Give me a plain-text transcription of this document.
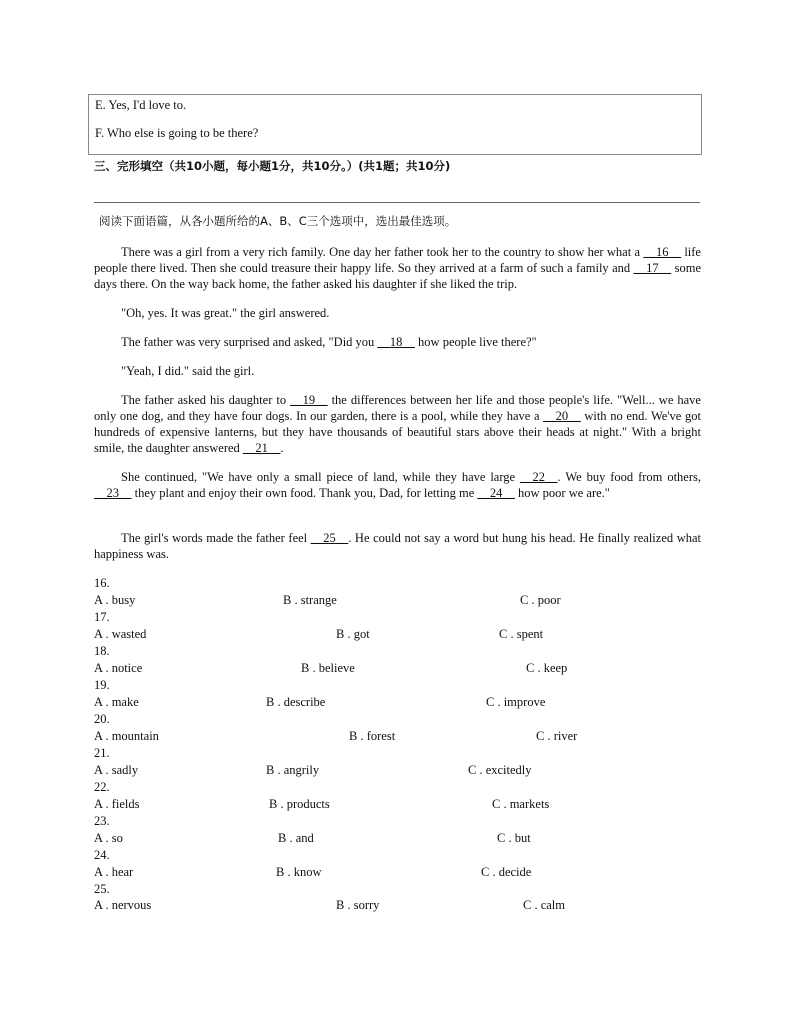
E. Yes, I'd love to.
F. Who else is going to be there?
三、完形填空（共10小题，每小题1分，共10分。）(共1题；共10分)
阅读下面语篇，从各小题所给的A、B、C三个选项中，选出最佳选项。
There was a girl from a very rich family. One day her father took her to the country to show her what a __16__ life people there lived. Then she could treasure their happy life. So they arrived at a farm of such a family and __17__ some days there. On the way back home, the father asked his daughter if she liked the trip.
"Oh, yes. It was great." the girl answered.
The father was very surprised and asked, "Did you __18__ how people live there?"
"Yeah, I did." said the girl.
The father asked his daughter to __19__ the differences between her life and those people's life. "Well... we have only one dog, and they have four dogs. In our garden, there is a pool, while they have a __20__ with no end. We've got hundreds of expensive lanterns, but they have thousands of beautiful stars above their heads at night." With a bright smile, the daughter answered __21__.
She continued, "We have only a small piece of land, while they have large __22__. We buy food from others, __23__ they plant and enjoy their own food. Thank you, Dad, for letting me __24__ how poor we are."
The girl's words made the father feel __25__. He could not say a word but hung his head. He finally realized what happiness was.
16.
A . busy	B . strange	C . poor
17.
A . wasted	B . got	C . spent
18.
A . notice	B . believe	C . keep
19.
A . make	B . describe	C . improve
20.
A . mountain	B . forest	C . river
21.
A . sadly	B . angrily	C . excitedly
22.
A . fields	B . products	C . markets
23.
A . so	B . and	C . but
24.
A . hear	B . know	C . decide
25.
A . nervous	B . sorry	C . calm
